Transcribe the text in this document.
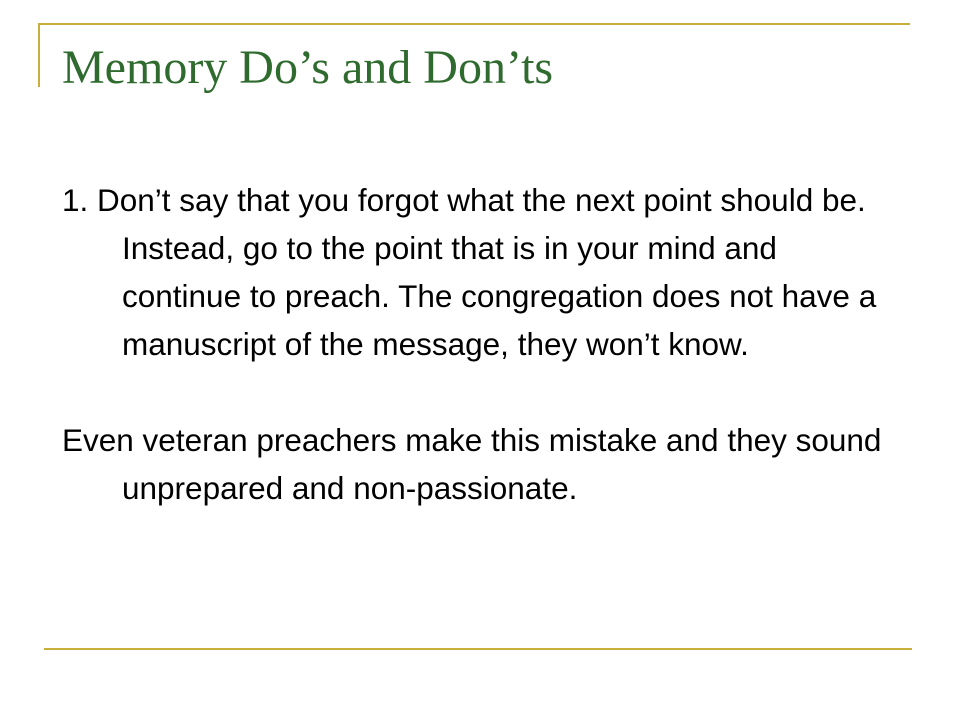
Memory Do’s and Don’ts

1. Don’t say that you forgot what the next point should be. Instead, go to the point that is in your mind and continue to preach. The congregation does not have a manuscript of the message, they won’t know.

Even veteran preachers make this mistake and they sound unprepared and non-passionate.
